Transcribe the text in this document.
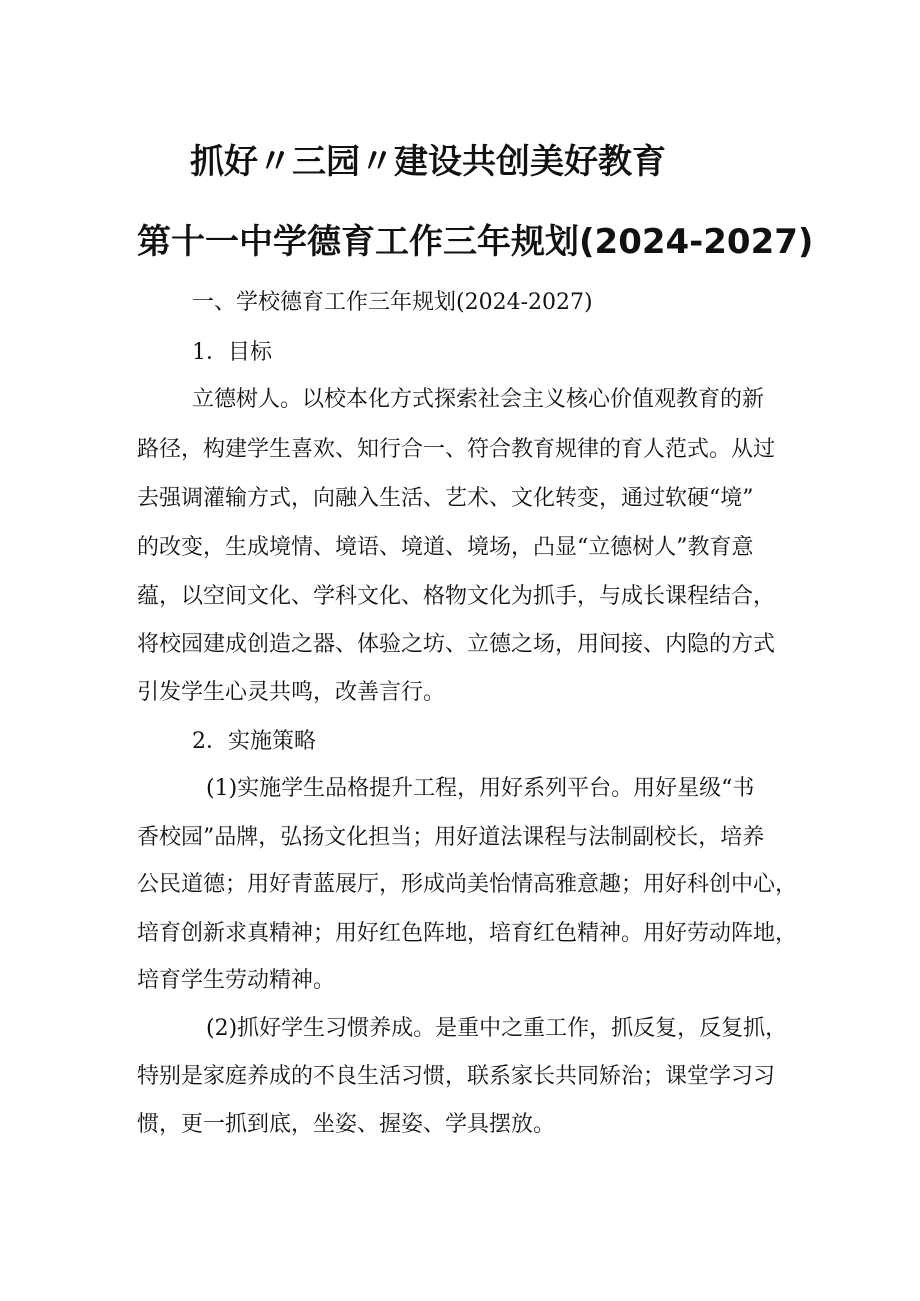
抓好〃三园〃建设共创美好教育
第十一中学德育工作三年规划(2024-2027)
一、学校德育工作三年规划(2024-2027)
1．目标
立德树人。以校本化方式探索社会主义核心价值观教育的新
路径，构建学生喜欢、知行合一、符合教育规律的育人范式。从过
去强调灌输方式，向融入生活、艺术、文化转变，通过软硬“境”
的改变，生成境情、境语、境道、境场，凸显“立德树人”教育意
蕴，以空间文化、学科文化、格物文化为抓手，与成长课程结合，
将校园建成创造之器、体验之坊、立德之场，用间接、内隐的方式
引发学生心灵共鸣，改善言行。
2．实施策略
(1)实施学生品格提升工程，用好系列平台。用好星级“书
香校园”品牌，弘扬文化担当；用好道法课程与法制副校长，培养
公民道德；用好青蓝展厅，形成尚美怡情高雅意趣；用好科创中心，
培育创新求真精神；用好红色阵地，培育红色精神。用好劳动阵地，
培育学生劳动精神。
(2)抓好学生习惯养成。是重中之重工作，抓反复，反复抓，
特别是家庭养成的不良生活习惯，联系家长共同矫治；课堂学习习
惯，更一抓到底，坐姿、握姿、学具摆放。
